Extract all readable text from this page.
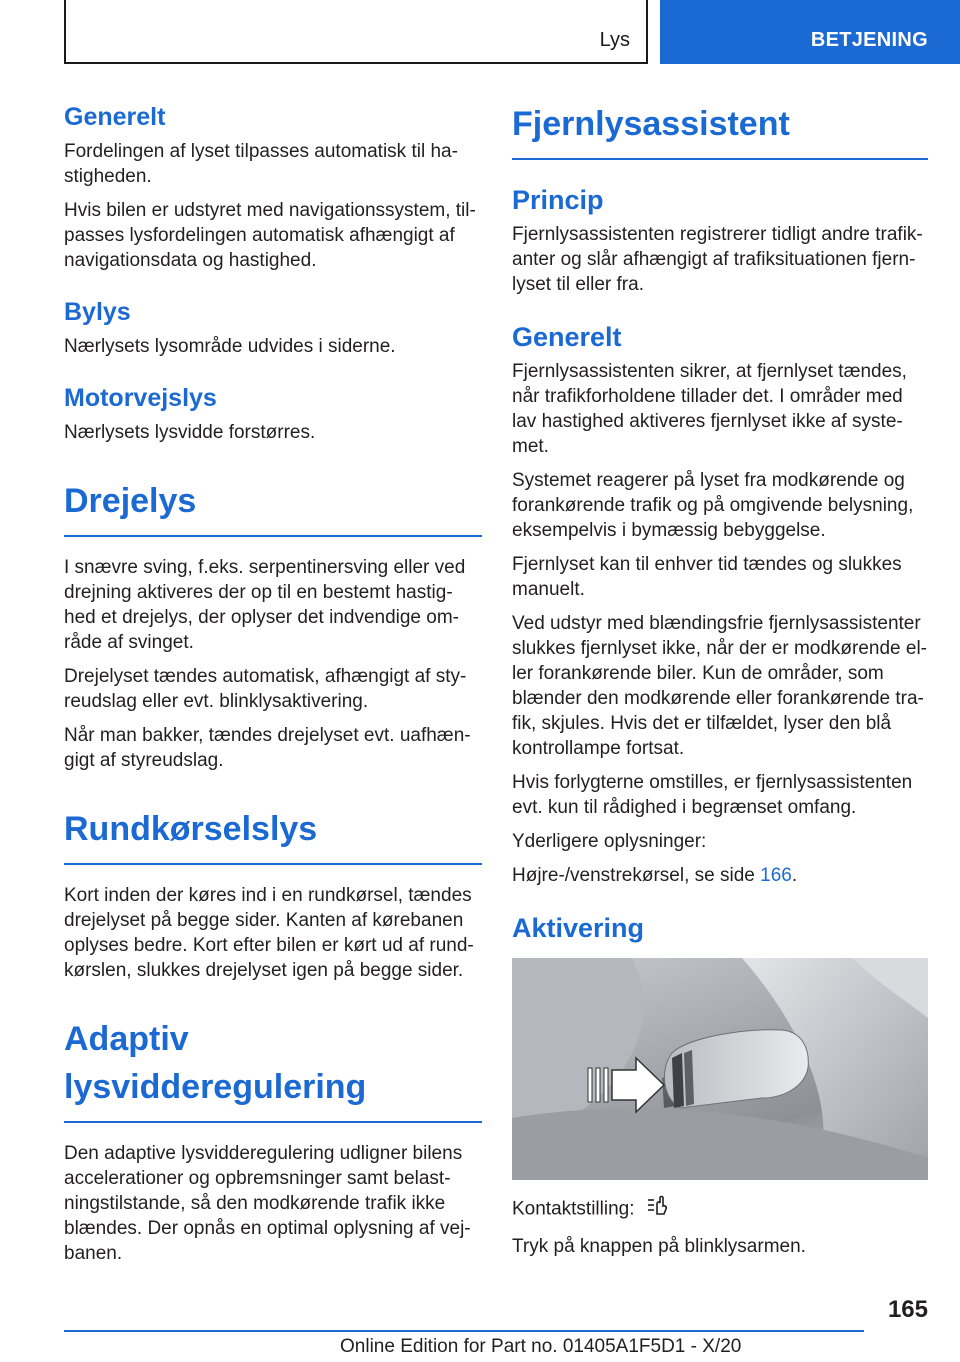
Lys	BETJENING
Generelt

Fordelingen af lyset tilpasses automatisk til ha-stigheden.

Hvis bilen er udstyret med navigationssystem, til-passes lysfordelingen automatisk afhængigt af navigationsdata og hastighed.

Bylys

Nærlysets lysområde udvides i siderne.

Motorvejslys

Nærlysets lysvidde forstørres.

Drejelys

I snævre sving, f.eks. serpentinersving eller ved drejning aktiveres der op til en bestemt hastig-hed et drejelys, der oplyser det indvendige om-råde af svinget.

Drejelyset tændes automatisk, afhængigt af sty-reudslag eller evt. blinklysaktivering.

Når man bakker, tændes drejelyset evt. uafhæn-gigt af styreudslag.

Rundkørselslys

Kort inden der køres ind i en rundkørsel, tændes drejelyset på begge sider. Kanten af kørebanen oplyses bedre. Kort efter bilen er kørt ud af rund-kørslen, slukkes drejelyset igen på begge sider.

Adaptiv lysvidderegulering

Den adaptive lysvidderegulering udligner bilens accelerationer og opbremsninger samt belast-ningstilstande, så den modkørende trafik ikke blændes. Der opnås en optimal oplysning af vej-banen.

Fjernlysassistent
Princip

Fjernlysassistenten registrerer tidligt andre trafik-anter og slår afhængigt af trafiksituationen fjern-lyset til eller fra.

Generelt

Fjernlysassistenten sikrer, at fjernlyset tændes, når trafikforholdene tillader det. I områder med lav hastighed aktiveres fjernlyset ikke af syste-met.

Systemet reagerer på lyset fra modkørende og forankørende trafik og på omgivende belysning, eksempelvis i bymæssig bebyggelse.

Fjernlyset kan til enhver tid tændes og slukkes manuelt.

Ved udstyr med blændingsfrie fjernlysassistenter slukkes fjernlyset ikke, når der er modkørende el-ler forankørende biler. Kun de områder, som blænder den modkørende eller forankørende tra-fik, skjules. Hvis det er tilfældet, lyser den blå kontrollampe fortsat.

Hvis forlygterne omstilles, er fjernlysassistenten evt. kun til rådighed i begrænset omfang.

Yderligere oplysninger:

Højre-/venstrekørsel, se side 166.

Aktivering

Kontaktstilling:

Tryk på knappen på blinklysarmen.

165
Online Edition for Part no. 01405A1F5D1 - X/20
